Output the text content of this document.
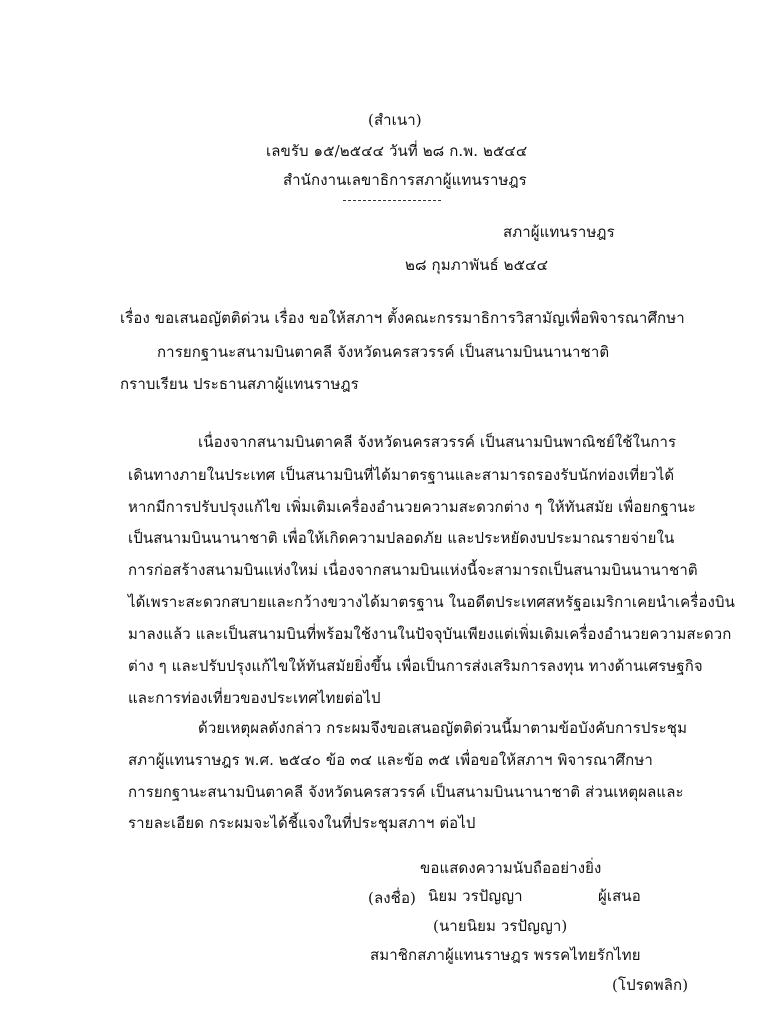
(สำเนา)
เลขรับ ๑๕/๒๕๔๔ วันที่ ๒๘ ก.พ. ๒๕๔๔
สำนักงานเลขาธิการสภาผู้แทนราษฎร
สภาผู้แทนราษฎร
๒๘ กุมภาพันธ์ ๒๕๔๔
เรื่อง ขอเสนอญัตติด่วน เรื่อง ขอให้สภาฯ ตั้งคณะกรรมาธิการวิสามัญเพื่อพิจารณาศึกษา
การยกฐานะสนามบินตาคลี จังหวัดนครสวรรค์ เป็นสนามบินนานาชาติ
กราบเรียน ประธานสภาผู้แทนราษฎร
เนื่องจากสนามบินตาคลี จังหวัดนครสวรรค์ เป็นสนามบินพาณิชย์ใช้ในการ
เดินทางภายในประเทศ เป็นสนามบินที่ได้มาตรฐานและสามารถรองรับนักท่องเที่ยวได้
หากมีการปรับปรุงแก้ไข เพิ่มเติมเครื่องอำนวยความสะดวกต่าง ๆ ให้ทันสมัย เพื่อยกฐานะ
เป็นสนามบินนานาชาติ เพื่อให้เกิดความปลอดภัย และประหยัดงบประมาณรายจ่ายใน
การก่อสร้างสนามบินแห่งใหม่ เนื่องจากสนามบินแห่งนี้จะสามารถเป็นสนามบินนานาชาติ
ได้เพราะสะดวกสบายและกว้างขวางได้มาตรฐาน ในอดีตประเทศสหรัฐอเมริกาเคยนำเครื่องบิน
มาลงแล้ว และเป็นสนามบินที่พร้อมใช้งานในปัจจุบันเพียงแต่เพิ่มเติมเครื่องอำนวยความสะดวก
ต่าง ๆ และปรับปรุงแก้ไขให้ทันสมัยยิ่งขึ้น เพื่อเป็นการส่งเสริมการลงทุน ทางด้านเศรษฐกิจ
และการท่องเที่ยวของประเทศไทยต่อไป
ด้วยเหตุผลดังกล่าว กระผมจึงขอเสนอญัตติด่วนนี้มาตามข้อบังคับการประชุม
สภาผู้แทนราษฎร พ.ศ. ๒๕๔๐ ข้อ ๓๔ และข้อ ๓๕ เพื่อขอให้สภาฯ พิจารณาศึกษา
การยกฐานะสนามบินตาคลี จังหวัดนครสวรรค์ เป็นสนามบินนานาชาติ ส่วนเหตุผลและ
รายละเอียด กระผมจะได้ชี้แจงในที่ประชุมสภาฯ ต่อไป
ขอแสดงความนับถืออย่างยิ่ง
(ลงชื่อ) นิยม วรปัญญา	ผู้เสนอ
(นายนิยม วรปัญญา)
สมาชิกสภาผู้แทนราษฎร พรรคไทยรักไทย
(โปรดพลิก)
